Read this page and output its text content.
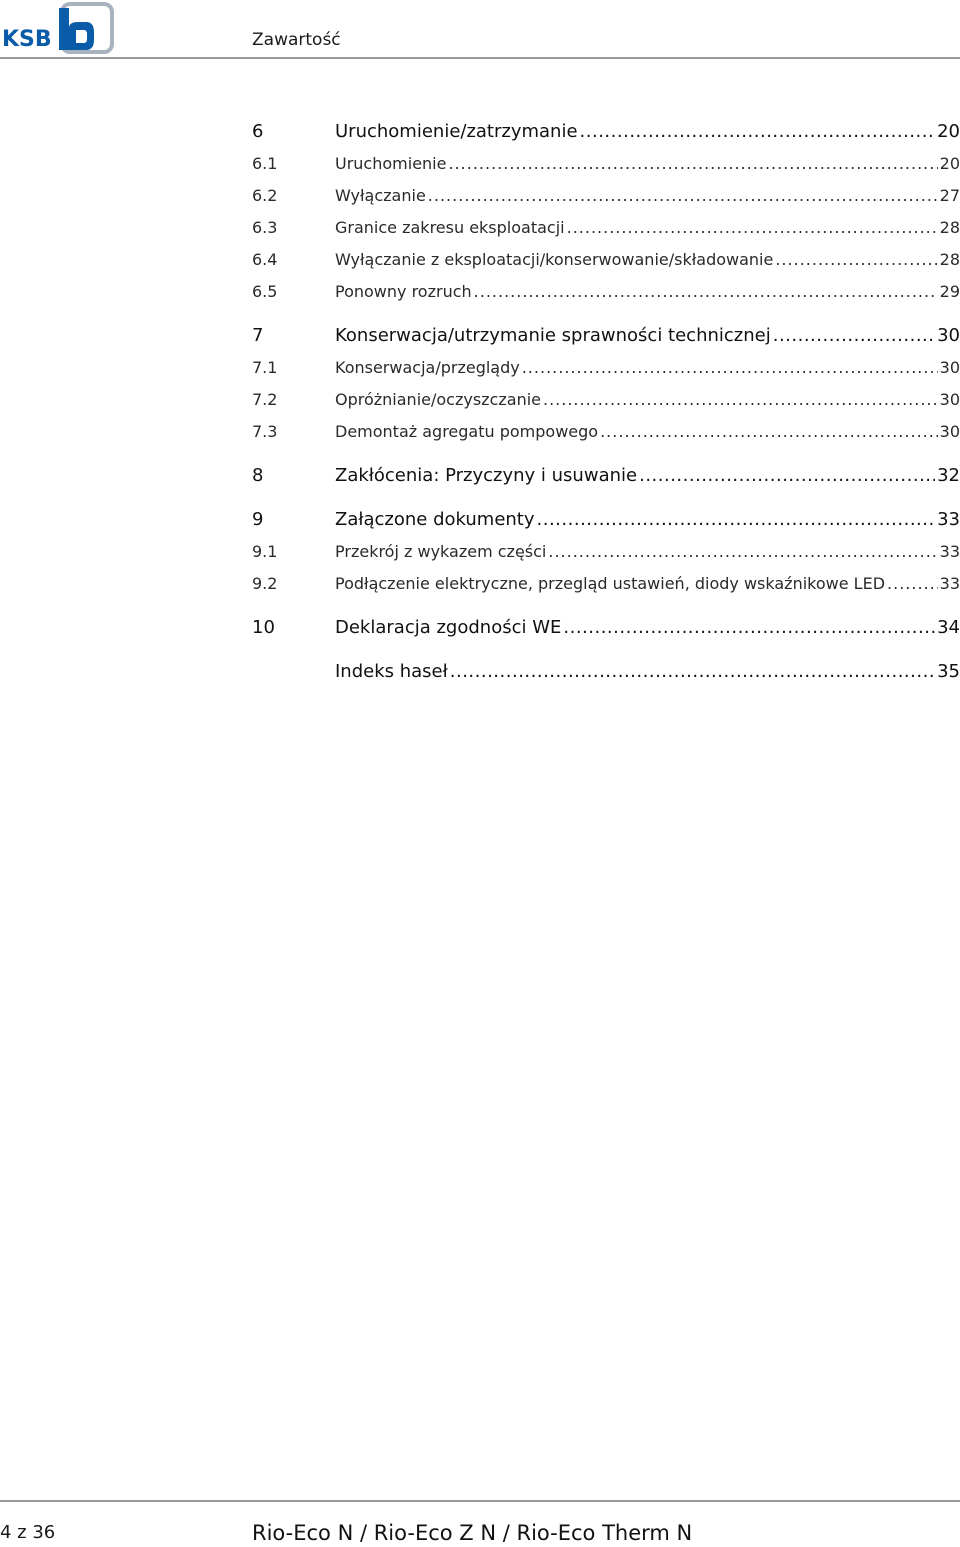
KSB	Zawartość
6	Uruchomienie/zatrzymanie .....	20
6.1	Uruchomienie .....	20
6.2	Wyłączanie .....	27
6.3	Granice zakresu eksploatacji .....	28
6.4	Wyłączanie z eksploatacji/konserwowanie/składowanie .....	28
6.5	Ponowny rozruch .....	29
7	Konserwacja/utrzymanie sprawności technicznej .....	30
7.1	Konserwacja/przeglądy .....	30
7.2	Opróżnianie/oczyszczanie .....	30
7.3	Demontaż agregatu pompowego .....	30
8	Zakłócenia: Przyczyny i usuwanie .....	32
9	Załączone dokumenty .....	33
9.1	Przekrój z wykazem części .....	33
9.2	Podłączenie elektryczne, przegląd ustawień, diody wskaźnikowe LED .....	33
10	Deklaracja zgodności WE .....	34
Indeks haseł .....	35
4 z 36	Rio-Eco N / Rio-Eco Z N / Rio-Eco Therm N
